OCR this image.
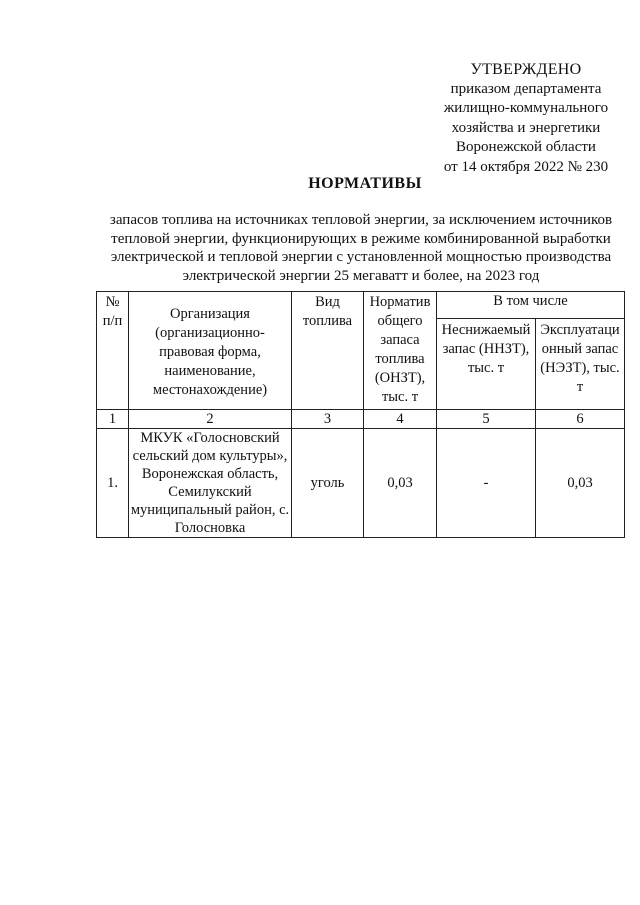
УТВЕРЖДЕНО
приказом департамента
жилищно-коммунального
хозяйства и энергетики
Воронежской области
от 14 октября 2022 № 230
НОРМАТИВЫ
запасов топлива на источниках тепловой энергии, за исключением источников тепловой энергии, функционирующих в режиме комбинированной выработки электрической и тепловой энергии с установленной мощностью производства электрической энергии 25 мегаватт и более, на 2023 год
№ п/п	Организация (организационно-правовая форма, наименование, местонахождение)	Вид топлива	Норматив общего запаса топлива (ОНЗТ), тыс. т	В том числе	
				Неснижаемый запас (ННЗТ), тыс. т	Эксплуатационный запас (НЭЗТ), тыс. т
1	2	3	4	5	6
1.	МКУК «Голосновский сельский дом культуры», Воронежская область, Семилукский муниципальный район, с. Голосновка	уголь	0,03	-	0,03
